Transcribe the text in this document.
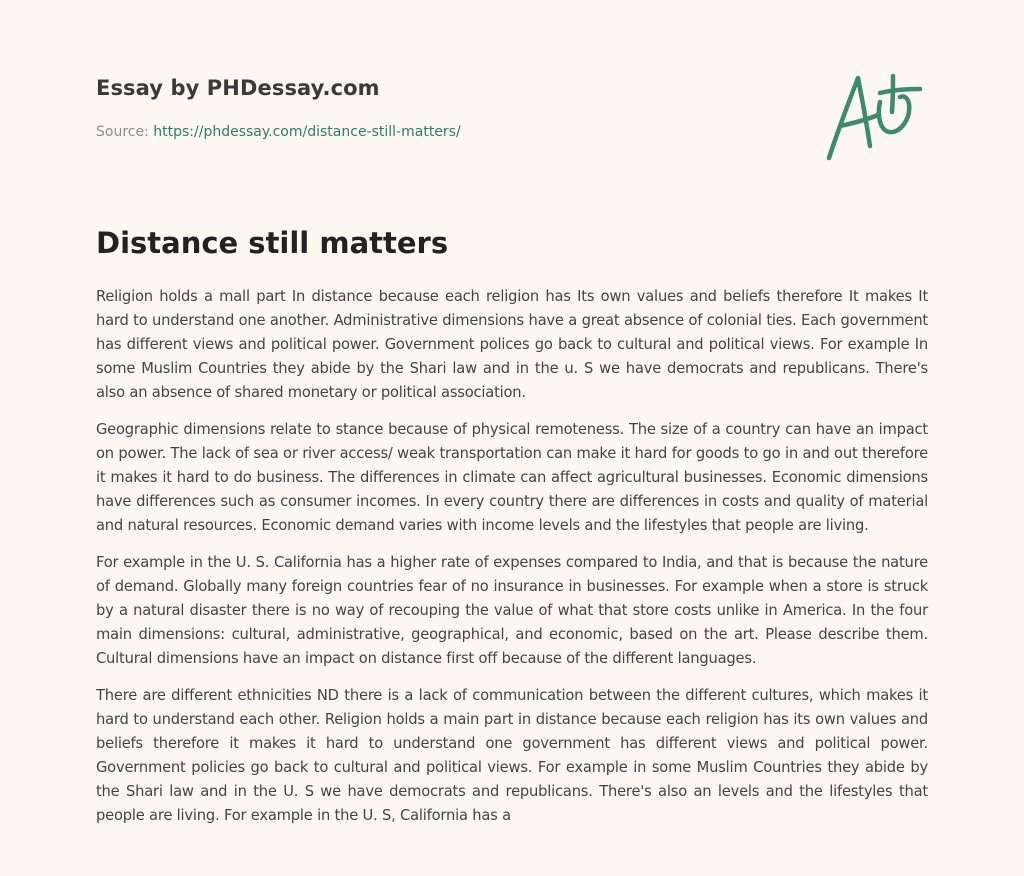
Essay by PHDessay.com
Source: https://phdessay.com/distance-still-matters/
Distance still matters

Religion holds a mall part In distance because each religion has Its own values and beliefs therefore It makes It hard to understand one another. Administrative dimensions have a great absence of colonial ties. Each government has different views and political power. Government polices go back to cultural and political views. For example In some Muslim Countries they abide by the Shari law and in the u. S we have democrats and republicans. There's also an absence of shared monetary or political association.

Geographic dimensions relate to stance because of physical remoteness. The size of a country can have an impact on power. The lack of sea or river access/ weak transportation can make it hard for goods to go in and out therefore it makes it hard to do business. The differences in climate can affect agricultural businesses. Economic dimensions have differences such as consumer incomes. In every country there are differences in costs and quality of material and natural resources. Economic demand varies with income levels and the lifestyles that people are living.

For example in the U. S. California has a higher rate of expenses compared to India, and that is because the nature of demand. Globally many foreign countries fear of no insurance in businesses. For example when a store is struck by a natural disaster there is no way of recouping the value of what that store costs unlike in America. In the four main dimensions: cultural, administrative, geographical, and economic, based on the art. Please describe them. Cultural dimensions have an impact on distance first off because of the different languages.

There are different ethnicities ND there is a lack of communication between the different cultures, which makes it hard to understand each other. Religion holds a main part in distance because each religion has its own values and beliefs therefore it makes it hard to understand one government has different views and political power. Government policies go back to cultural and political views. For example in some Muslim Countries they abide by the Shari law and in the U. S we have democrats and republicans. There's also an levels and the lifestyles that people are living. For example in the U. S, California has a
